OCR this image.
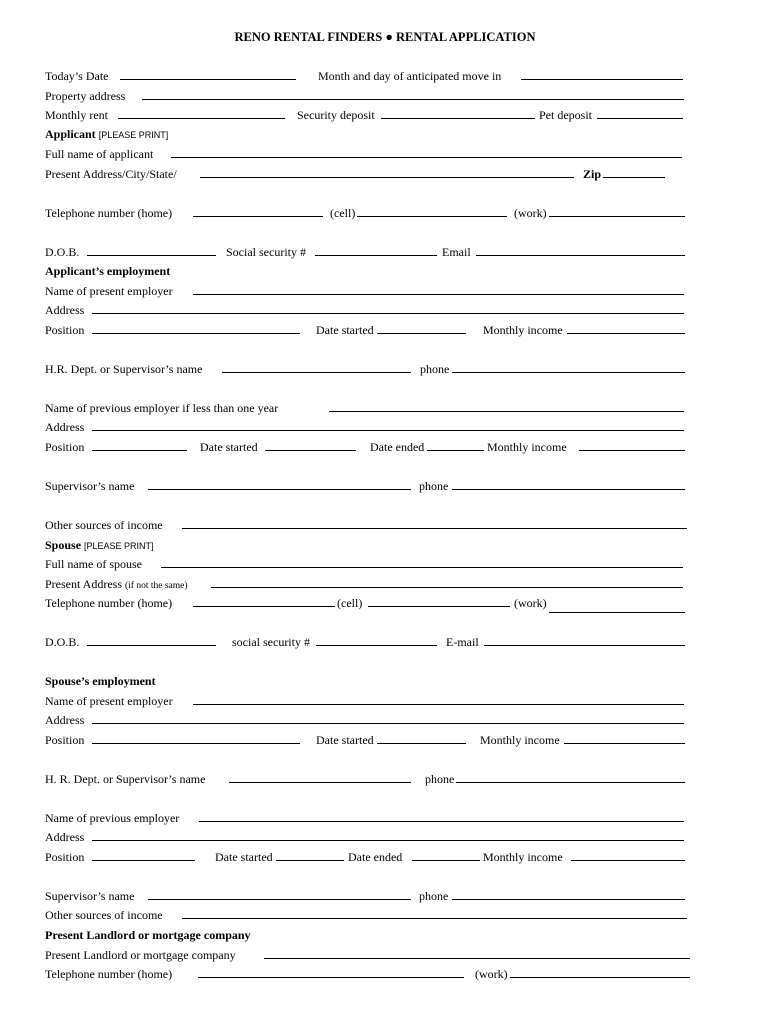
RENO RENTAL FINDERS ● RENTAL APPLICATION
Today’s Date	Month and day of anticipated move in
Property address
Monthly rent	Security deposit	Pet deposit
Applicant [PLEASE PRINT]
Full name of applicant
Present Address/City/State/	Zip
Telephone number (home)	(cell)	(work)
D.O.B.	Social security #	Email
Applicant’s employment
Name of present employer
Address
Position	Date started	Monthly income
H.R. Dept. or Supervisor’s name	phone
Name of previous employer if less than one year
Address
Position	Date started	Date ended	Monthly income
Supervisor’s name	phone
Other sources of income
Spouse [PLEASE PRINT]
Full name of spouse
Present Address (if not the same)
Telephone number (home)	(cell)	(work)
D.O.B.	social security #	E-mail
Spouse’s employment
Name of present employer
Address
Position	Date started	Monthly income
H. R. Dept. or Supervisor’s name	phone
Name of previous employer
Address
Position	Date started	Date ended	Monthly income
Supervisor’s name	phone
Other sources of income
Present Landlord or mortgage company
Present Landlord or mortgage company
Telephone number (home)	(work)
